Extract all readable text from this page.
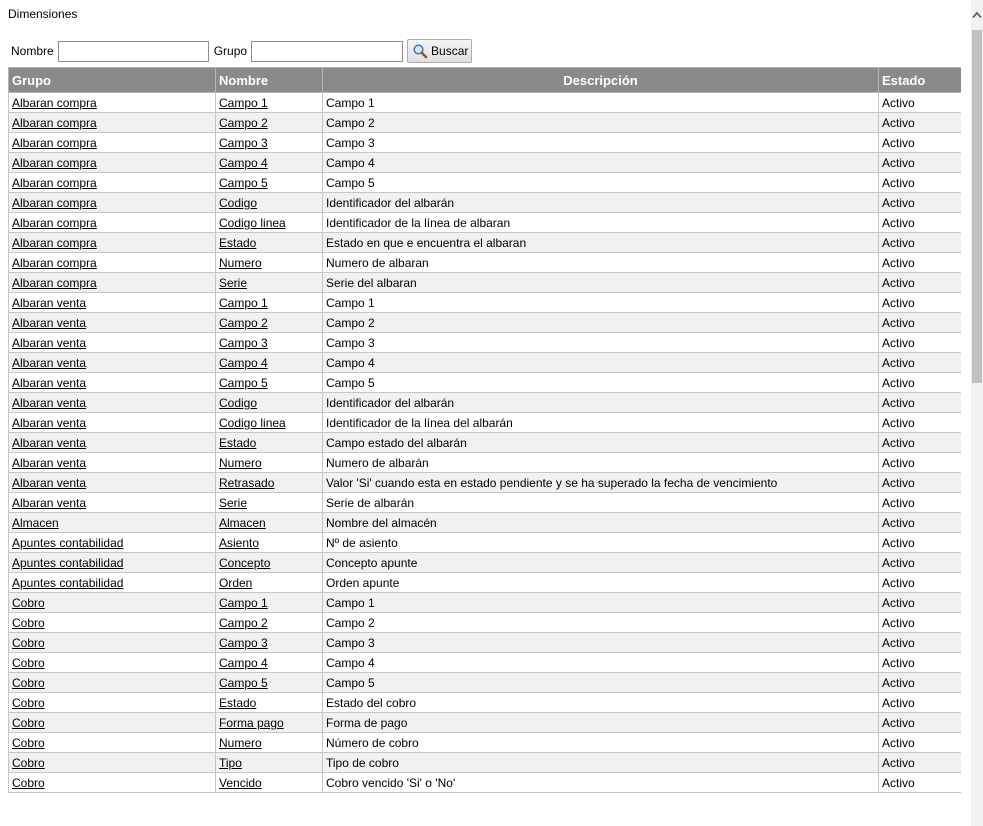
Dimensiones
Nombre	Grupo	Buscar
Grupo	Nombre	Descripción	Estado
Albaran compra	Campo 1	Campo 1	Activo
Albaran compra	Campo 2	Campo 2	Activo
Albaran compra	Campo 3	Campo 3	Activo
Albaran compra	Campo 4	Campo 4	Activo
Albaran compra	Campo 5	Campo 5	Activo
Albaran compra	Codigo	Identificador del albarán	Activo
Albaran compra	Codigo linea	Identificador de la línea de albaran	Activo
Albaran compra	Estado	Estado en que e encuentra el albaran	Activo
Albaran compra	Numero	Numero de albaran	Activo
Albaran compra	Serie	Serie del albaran	Activo
Albaran venta	Campo 1	Campo 1	Activo
Albaran venta	Campo 2	Campo 2	Activo
Albaran venta	Campo 3	Campo 3	Activo
Albaran venta	Campo 4	Campo 4	Activo
Albaran venta	Campo 5	Campo 5	Activo
Albaran venta	Codigo	Identificador del albarán	Activo
Albaran venta	Codigo linea	Identificador de la línea del albarán	Activo
Albaran venta	Estado	Campo estado del albarán	Activo
Albaran venta	Numero	Numero de albarán	Activo
Albaran venta	Retrasado	Valor 'Si' cuando esta en estado pendiente y se ha superado la fecha de vencimiento	Activo
Albaran venta	Serie	Serie de albarán	Activo
Almacen	Almacen	Nombre del almacén	Activo
Apuntes contabilidad	Asiento	Nº de asiento	Activo
Apuntes contabilidad	Concepto	Concepto apunte	Activo
Apuntes contabilidad	Orden	Orden apunte	Activo
Cobro	Campo 1	Campo 1	Activo
Cobro	Campo 2	Campo 2	Activo
Cobro	Campo 3	Campo 3	Activo
Cobro	Campo 4	Campo 4	Activo
Cobro	Campo 5	Campo 5	Activo
Cobro	Estado	Estado del cobro	Activo
Cobro	Forma pago	Forma de pago	Activo
Cobro	Numero	Número de cobro	Activo
Cobro	Tipo	Tipo de cobro	Activo
Cobro	Vencido	Cobro vencido 'Si' o 'No'	Activo
